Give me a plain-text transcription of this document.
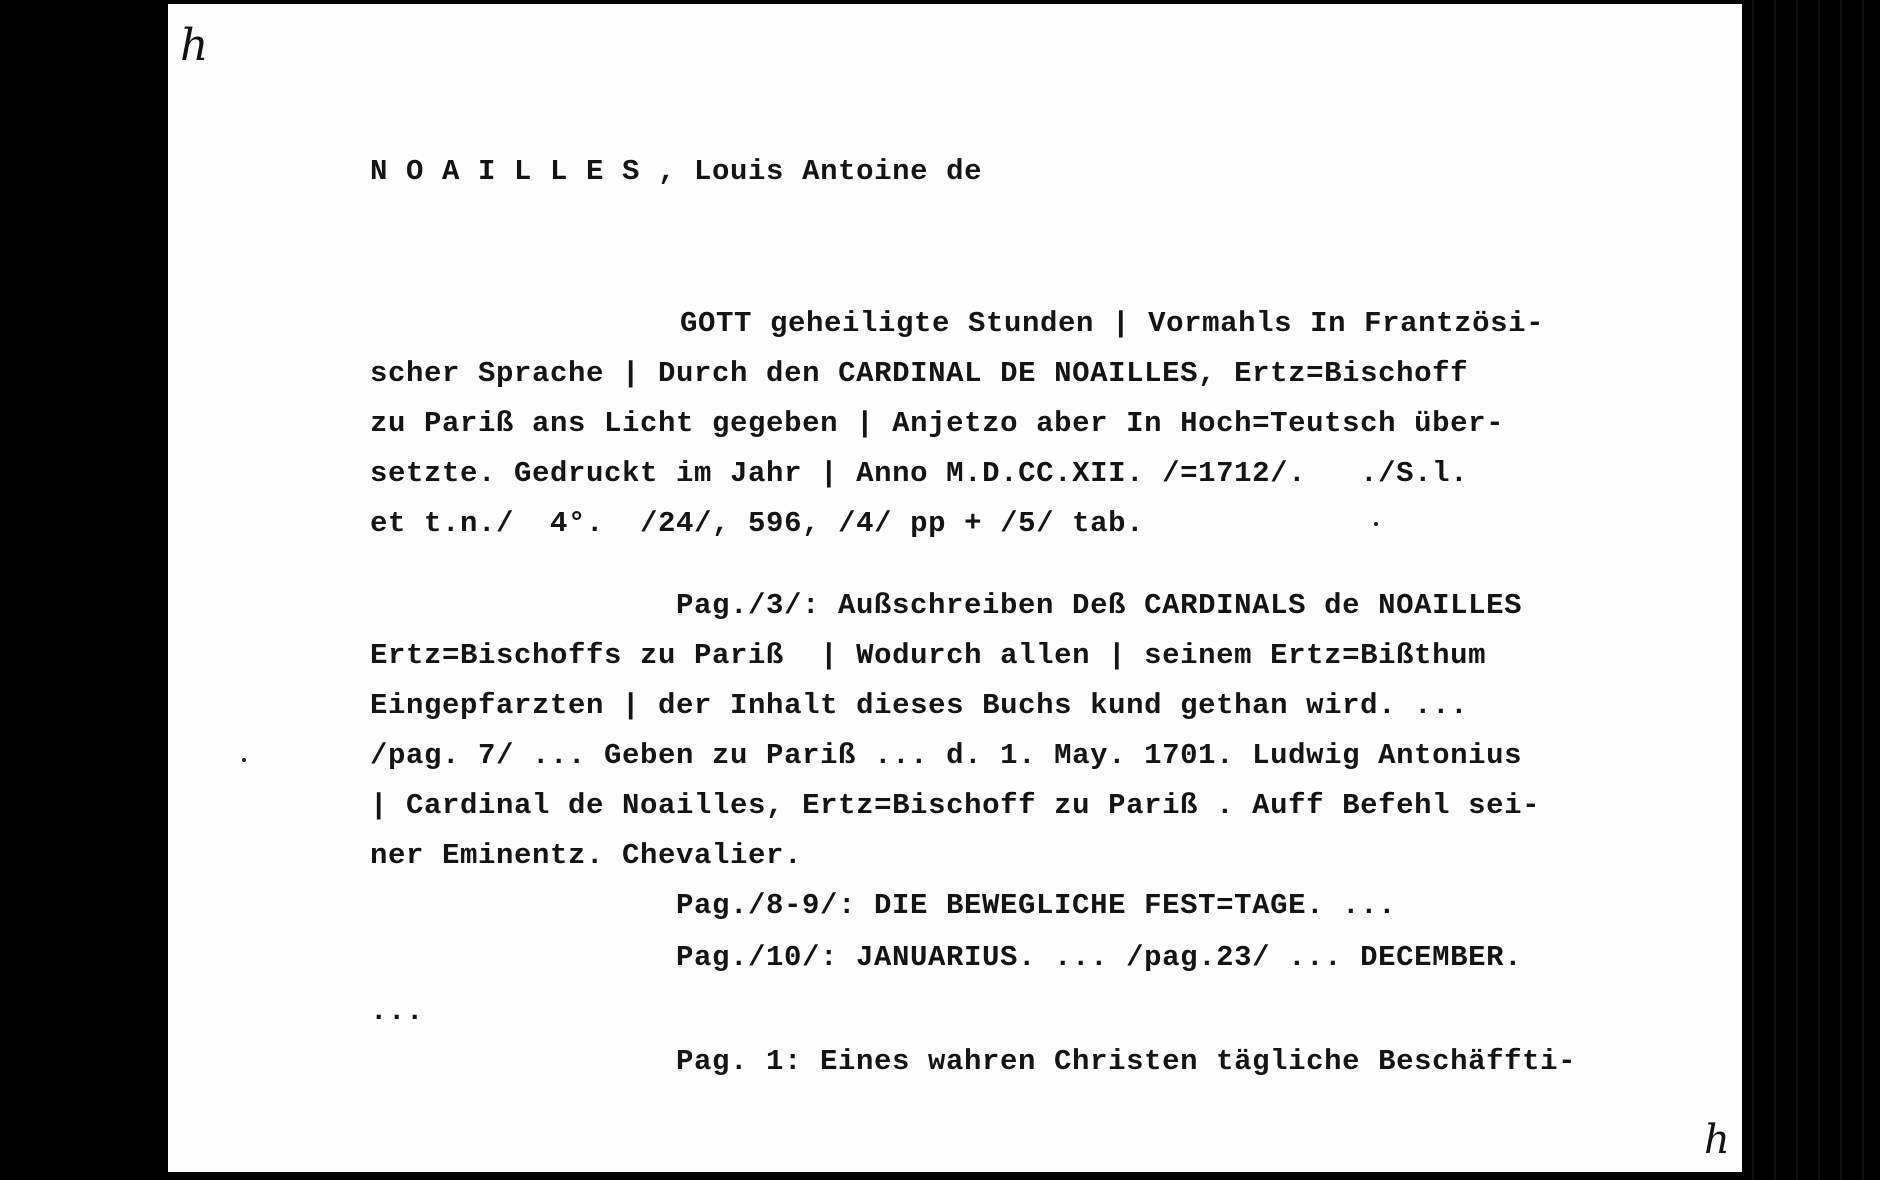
h
N O A I L L E S , Louis Antoine de
GOTT geheiligte Stunden | Vormahls In Frantzösi-
scher Sprache | Durch den CARDINAL DE NOAILLES, Ertz=Bischoff
zu Pariß ans Licht gegeben | Anjetzo aber In Hoch=Teutsch über-
setzte. Gedruckt im Jahr | Anno M.D.CC.XII. /=1712/.   ./S.l.
et t.n./  4°.  /24/, 596, /4/ pp + /5/ tab.
Pag./3/: Außschreiben Deß CARDINALS de NOAILLES
Ertz=Bischoffs zu Pariß  | Wodurch allen | seinem Ertz=Bißthum
Eingepfarzten | der Inhalt dieses Buchs kund gethan wird. ...
/pag. 7/ ... Geben zu Pariß ... d. 1. May. 1701. Ludwig Antonius
| Cardinal de Noailles, Ertz=Bischoff zu Pariß . Auff Befehl sei-
ner Eminentz. Chevalier.
Pag./8-9/: DIE BEWEGLICHE FEST=TAGE. ...
Pag./10/: JANUARIUS. ... /pag.23/ ... DECEMBER.
...
Pag. 1: Eines wahren Christen tägliche Beschäffti-
h
